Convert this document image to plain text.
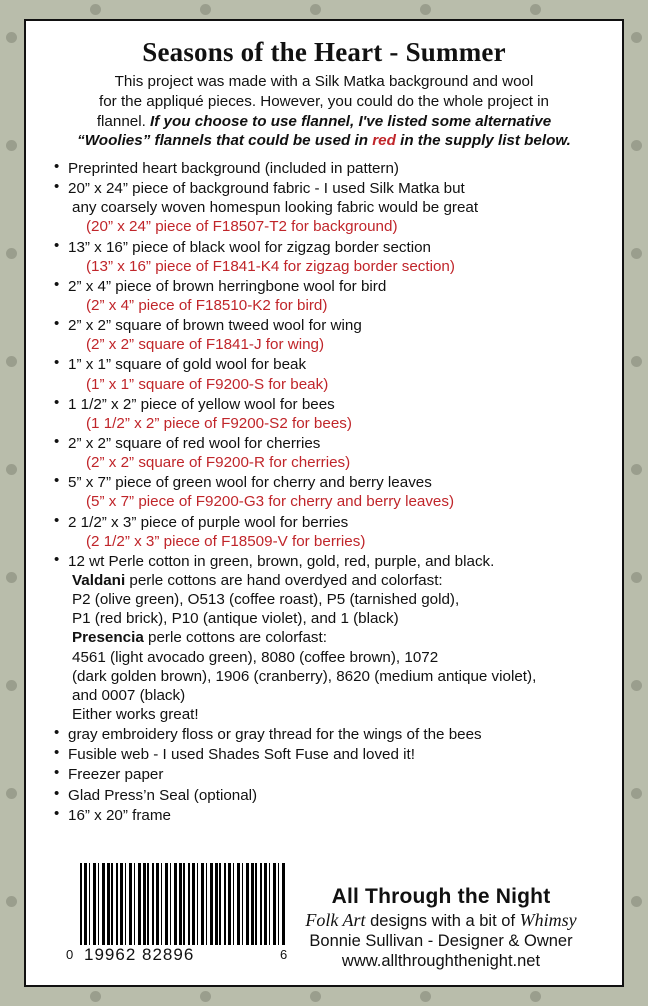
Seasons of the Heart - Summer
This project was made with a Silk Matka background and wool
for the appliqué pieces. However, you could do the whole project in
flannel. If you choose to use flannel, I've listed some alternative
“Woolies” flannels that could be used in red in the supply list below.
• Preprinted heart background (included in pattern)
• 20” x 24” piece of background fabric - I used Silk Matka but
any coarsely woven homespun looking fabric would be great
(20” x 24” piece of F18507-T2 for background)
• 13” x 16” piece of black wool for zigzag border section
(13” x 16” piece of F1841-K4 for zigzag border section)
• 2” x 4” piece of brown herringbone wool for bird
(2” x 4” piece of F18510-K2 for bird)
• 2” x 2” square of brown tweed wool for wing
(2” x 2” square of F1841-J for wing)
• 1” x 1” square of gold wool for beak
(1” x 1” square of F9200-S for beak)
• 1 1/2” x 2” piece of yellow wool for bees
(1 1/2” x 2” piece of F9200-S2 for bees)
• 2” x 2” square of red wool for cherries
(2” x 2” square of F9200-R for cherries)
• 5” x 7” piece of green wool for cherry and berry leaves
(5” x 7” piece of F9200-G3 for cherry and berry leaves)
• 2 1/2” x 3” piece of purple wool for berries
(2 1/2” x 3” piece of F18509-V for berries)
• 12 wt Perle cotton in green, brown, gold, red, purple, and black.
Valdani perle cottons are hand overdyed and colorfast:
P2 (olive green), O513 (coffee roast), P5 (tarnished gold),
P1 (red brick), P10 (antique violet), and 1 (black)
Presencia perle cottons are colorfast:
4561 (light avocado green), 8080 (coffee brown), 1072
(dark golden brown), 1906 (cranberry), 8620 (medium antique violet),
and 0007 (black)
Either works great!
• gray embroidery floss or gray thread for the wings of the bees
• Fusible web - I used Shades Soft Fuse and loved it!
• Freezer paper
• Glad Press’n Seal (optional)
• 16” x 20” frame
0 19962 82896	6
All Through the Night
Folk Art designs with a bit of Whimsy
Bonnie Sullivan - Designer & Owner
www.allthroughthenight.net
